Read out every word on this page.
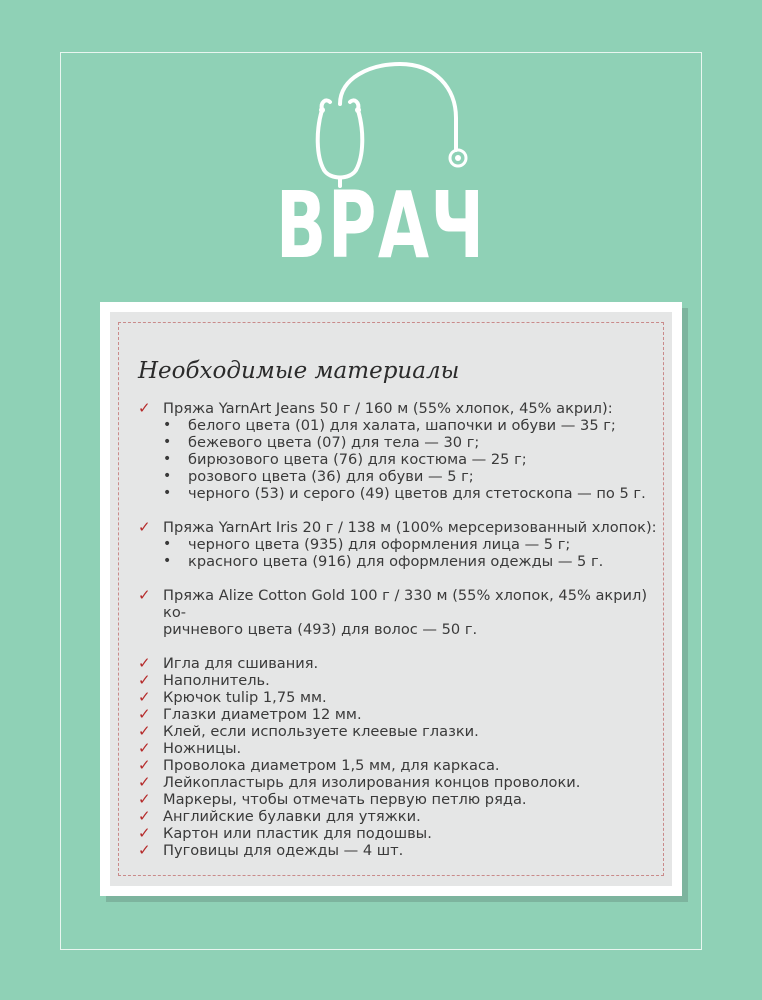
ВРАЧ
Необходимые материалы
✓ Пряжа YarnArt Jeans 50 г / 160 м (55% хлопок, 45% акрил):
•	белого цвета (01) для халата, шапочки и обуви — 35 г;
•	бежевого цвета (07) для тела — 30 г;
•	бирюзового цвета (76) для костюма — 25 г;
•	розового цвета (36) для обуви — 5 г;
•	черного (53) и серого (49) цветов для стетоскопа — по 5 г.
✓ Пряжа YarnArt Iris 20 г / 138 м (100% мерсеризованный хлопок):
•	черного цвета (935) для оформления лица — 5 г;
•	красного цвета (916) для оформления одежды — 5 г.
✓ Пряжа Alize Cotton Gold 100 г / 330 м (55% хлопок, 45% акрил) ко-
ричневого цвета (493) для волос — 50 г.
✓ Игла для сшивания.
✓ Наполнитель.
✓ Крючок tulip 1,75 мм.
✓ Глазки диаметром 12 мм.
✓ Клей, если используете клеевые глазки.
✓ Ножницы.
✓ Проволока диаметром 1,5 мм, для каркаса.
✓ Лейкопластырь для изолирования концов проволоки.
✓ Маркеры, чтобы отмечать первую петлю ряда.
✓ Английские булавки для утяжки.
✓ Картон или пластик для подошвы.
✓ Пуговицы для одежды — 4 шт.
